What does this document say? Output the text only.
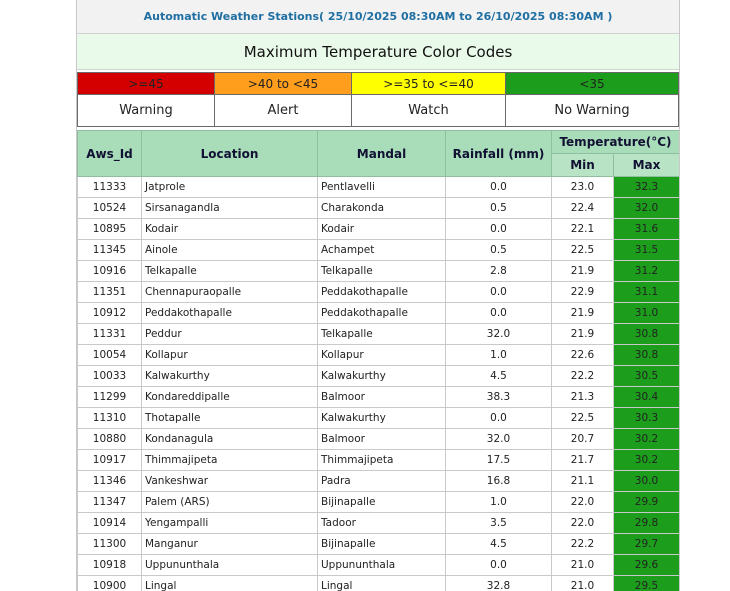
Automatic Weather Stations( 25/10/2025 08:30AM to 26/10/2025 08:30AM )
Maximum Temperature Color Codes
>=45	>40 to <45	>=35 to <=40	<35
Warning	Alert	Watch	No Warning
Aws_Id	Location	Mandal	Rainfall (mm)	Temperature(°C)	
				Min	Max
11333	Jatprole	Pentlavelli	0.0	23.0	32.3
10524	Sirsanagandla	Charakonda	0.5	22.4	32.0
10895	Kodair	Kodair	0.0	22.1	31.6
11345	Ainole	Achampet	0.5	22.5	31.5
10916	Telkapalle	Telkapalle	2.8	21.9	31.2
11351	Chennapuraopalle	Peddakothapalle	0.0	22.9	31.1
10912	Peddakothapalle	Peddakothapalle	0.0	21.9	31.0
11331	Peddur	Telkapalle	32.0	21.9	30.8
10054	Kollapur	Kollapur	1.0	22.6	30.8
10033	Kalwakurthy	Kalwakurthy	4.5	22.2	30.5
11299	Kondareddipalle	Balmoor	38.3	21.3	30.4
11310	Thotapalle	Kalwakurthy	0.0	22.5	30.3
10880	Kondanagula	Balmoor	32.0	20.7	30.2
10917	Thimmajipeta	Thimmajipeta	17.5	21.7	30.2
11346	Vankeshwar	Padra	16.8	21.1	30.0
11347	Palem (ARS)	Bijinapalle	1.0	22.0	29.9
10914	Yengampalli	Tadoor	3.5	22.0	29.8
11300	Manganur	Bijinapalle	4.5	22.2	29.7
10918	Uppununthala	Uppununthala	0.0	21.0	29.6
10900	Lingal	Lingal	32.8	21.0	29.5
